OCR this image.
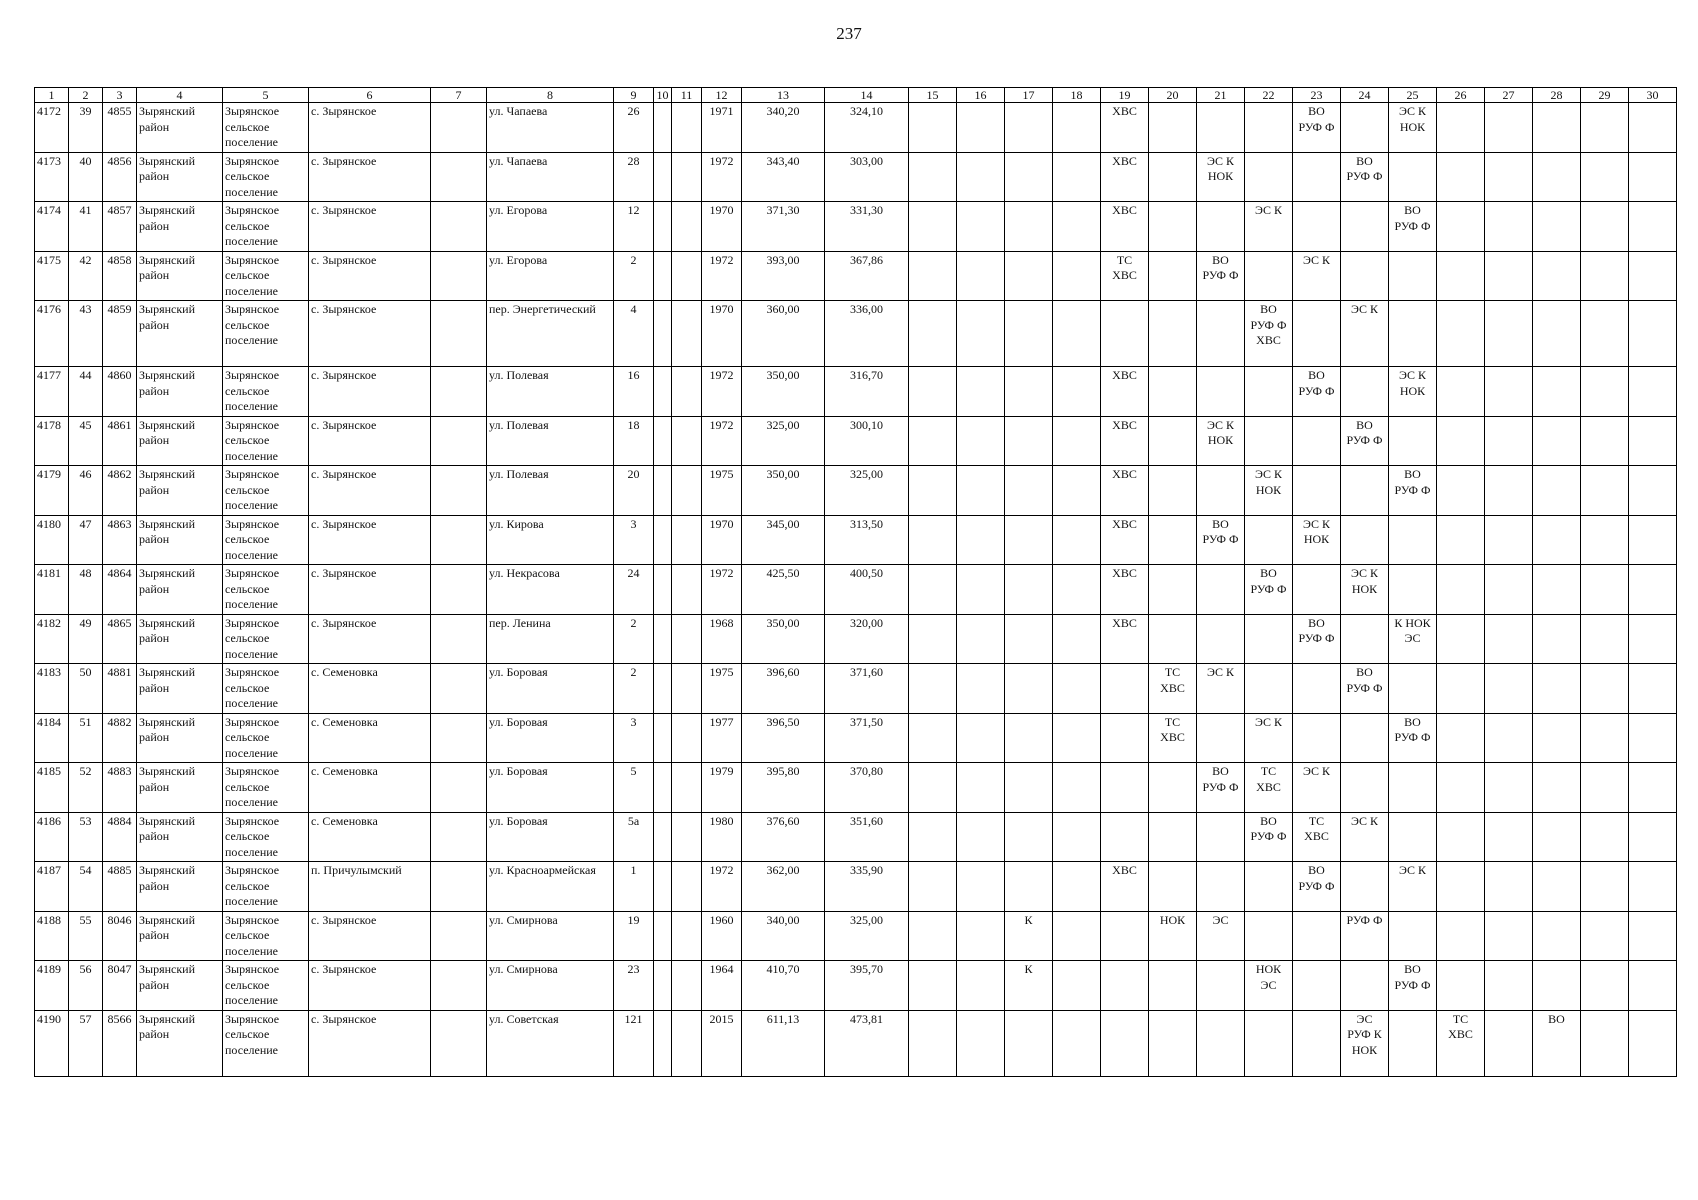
237
1	2	3	4	5	6	7	8	9	10	11	12	13	14	15	16	17	18	19	20	21	22	23	24	25	26	27	28	29	30
4172	39	4855	Зырянский район	Зырянское сельское поселение	с. Зырянское		ул. Чапаева	26			1971	340,20	324,10					ХВС				ВО
РУФ Ф		ЭС К
НОК					
4173	40	4856	Зырянский район	Зырянское сельское поселение	с. Зырянское		ул. Чапаева	28			1972	343,40	303,00					ХВС		ЭС К
НОК			ВО
РУФ Ф						
4174	41	4857	Зырянский район	Зырянское сельское поселение	с. Зырянское		ул. Егорова	12			1970	371,30	331,30					ХВС			ЭС К			ВО
РУФ Ф					
4175	42	4858	Зырянский район	Зырянское сельское поселение	с. Зырянское		ул. Егорова	2			1972	393,00	367,86					ТС
ХВС		ВО
РУФ Ф		ЭС К							
4176	43	4859	Зырянский район	Зырянское сельское поселение	с. Зырянское		пер. Энергетический	4			1970	360,00	336,00								ВО
РУФ Ф
ХВС		ЭС К						
4177	44	4860	Зырянский район	Зырянское сельское поселение	с. Зырянское		ул. Полевая	16			1972	350,00	316,70					ХВС				ВО
РУФ Ф		ЭС К
НОК					
4178	45	4861	Зырянский район	Зырянское сельское поселение	с. Зырянское		ул. Полевая	18			1972	325,00	300,10					ХВС		ЭС К
НОК			ВО
РУФ Ф						
4179	46	4862	Зырянский район	Зырянское сельское поселение	с. Зырянское		ул. Полевая	20			1975	350,00	325,00					ХВС			ЭС К
НОК			ВО
РУФ Ф					
4180	47	4863	Зырянский район	Зырянское сельское поселение	с. Зырянское		ул. Кирова	3			1970	345,00	313,50					ХВС		ВО
РУФ Ф		ЭС К
НОК							
4181	48	4864	Зырянский район	Зырянское сельское поселение	с. Зырянское		ул. Некрасова	24			1972	425,50	400,50					ХВС			ВО
РУФ Ф		ЭС К
НОК						
4182	49	4865	Зырянский район	Зырянское сельское поселение	с. Зырянское		пер. Ленина	2			1968	350,00	320,00					ХВС				ВО
РУФ Ф		К НОК
ЭС					
4183	50	4881	Зырянский район	Зырянское сельское поселение	с. Семеновка		ул. Боровая	2			1975	396,60	371,60						ТС
ХВС	ЭС К			ВО
РУФ Ф						
4184	51	4882	Зырянский район	Зырянское сельское поселение	с. Семеновка		ул. Боровая	3			1977	396,50	371,50						ТС
ХВС		ЭС К			ВО
РУФ Ф					
4185	52	4883	Зырянский район	Зырянское сельское поселение	с. Семеновка		ул. Боровая	5			1979	395,80	370,80							ВО
РУФ Ф	ТС
ХВС	ЭС К							
4186	53	4884	Зырянский район	Зырянское сельское поселение	с. Семеновка		ул. Боровая	5а			1980	376,60	351,60								ВО
РУФ Ф	ТС
ХВС	ЭС К						
4187	54	4885	Зырянский район	Зырянское сельское поселение	п. Причулымский		ул. Красноармейская	1			1972	362,00	335,90					ХВС				ВО
РУФ Ф		ЭС К					
4188	55	8046	Зырянский район	Зырянское сельское поселение	с. Зырянское		ул. Смирнова	19			1960	340,00	325,00			К			НОК	ЭС			РУФ Ф						
4189	56	8047	Зырянский район	Зырянское сельское поселение	с. Зырянское		ул. Смирнова	23			1964	410,70	395,70			К					НОК
ЭС			ВО
РУФ Ф					
4190	57	8566	Зырянский район	Зырянское сельское поселение	с. Зырянское		ул. Советская	121			2015	611,13	473,81										ЭС
РУФ К
НОК		ТС
ХВС		ВО		
